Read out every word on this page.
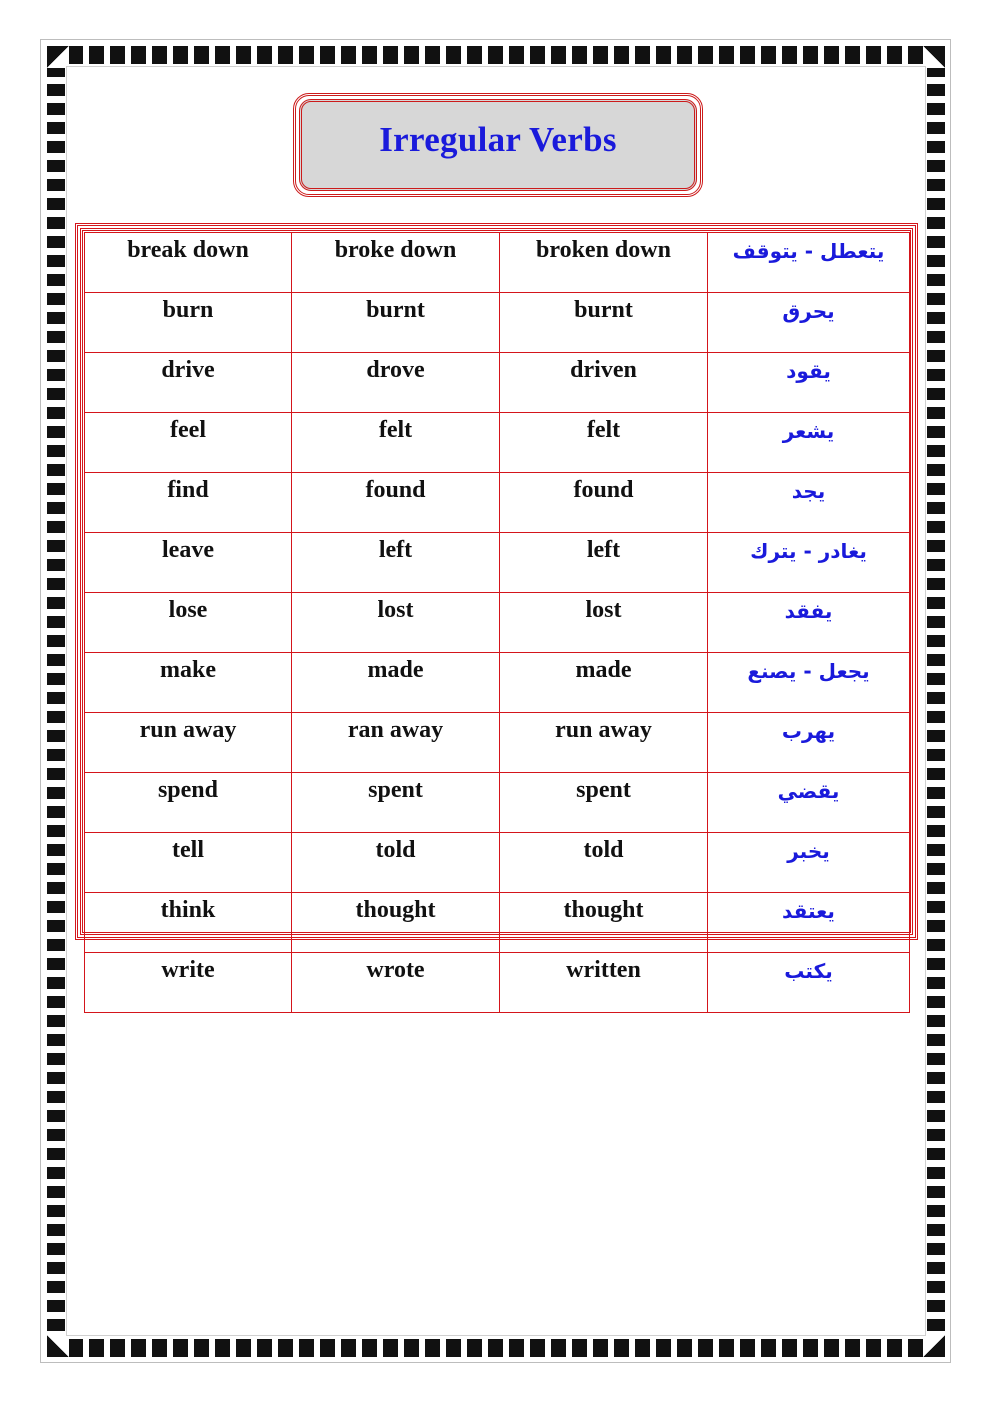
Irregular Verbs
break down	broke down	broken down	يتعطل - يتوقف
burn	burnt	burnt	يحرق
drive	drove	driven	يقود
feel	felt	felt	يشعر
find	found	found	يجد
leave	left	left	يغادر - يترك
lose	lost	lost	يفقد
make	made	made	يجعل - يصنع
run away	ran away	run away	يهرب
spend	spent	spent	يقضي
tell	told	told	يخبر
think	thought	thought	يعتقد
write	wrote	written	يكتب
